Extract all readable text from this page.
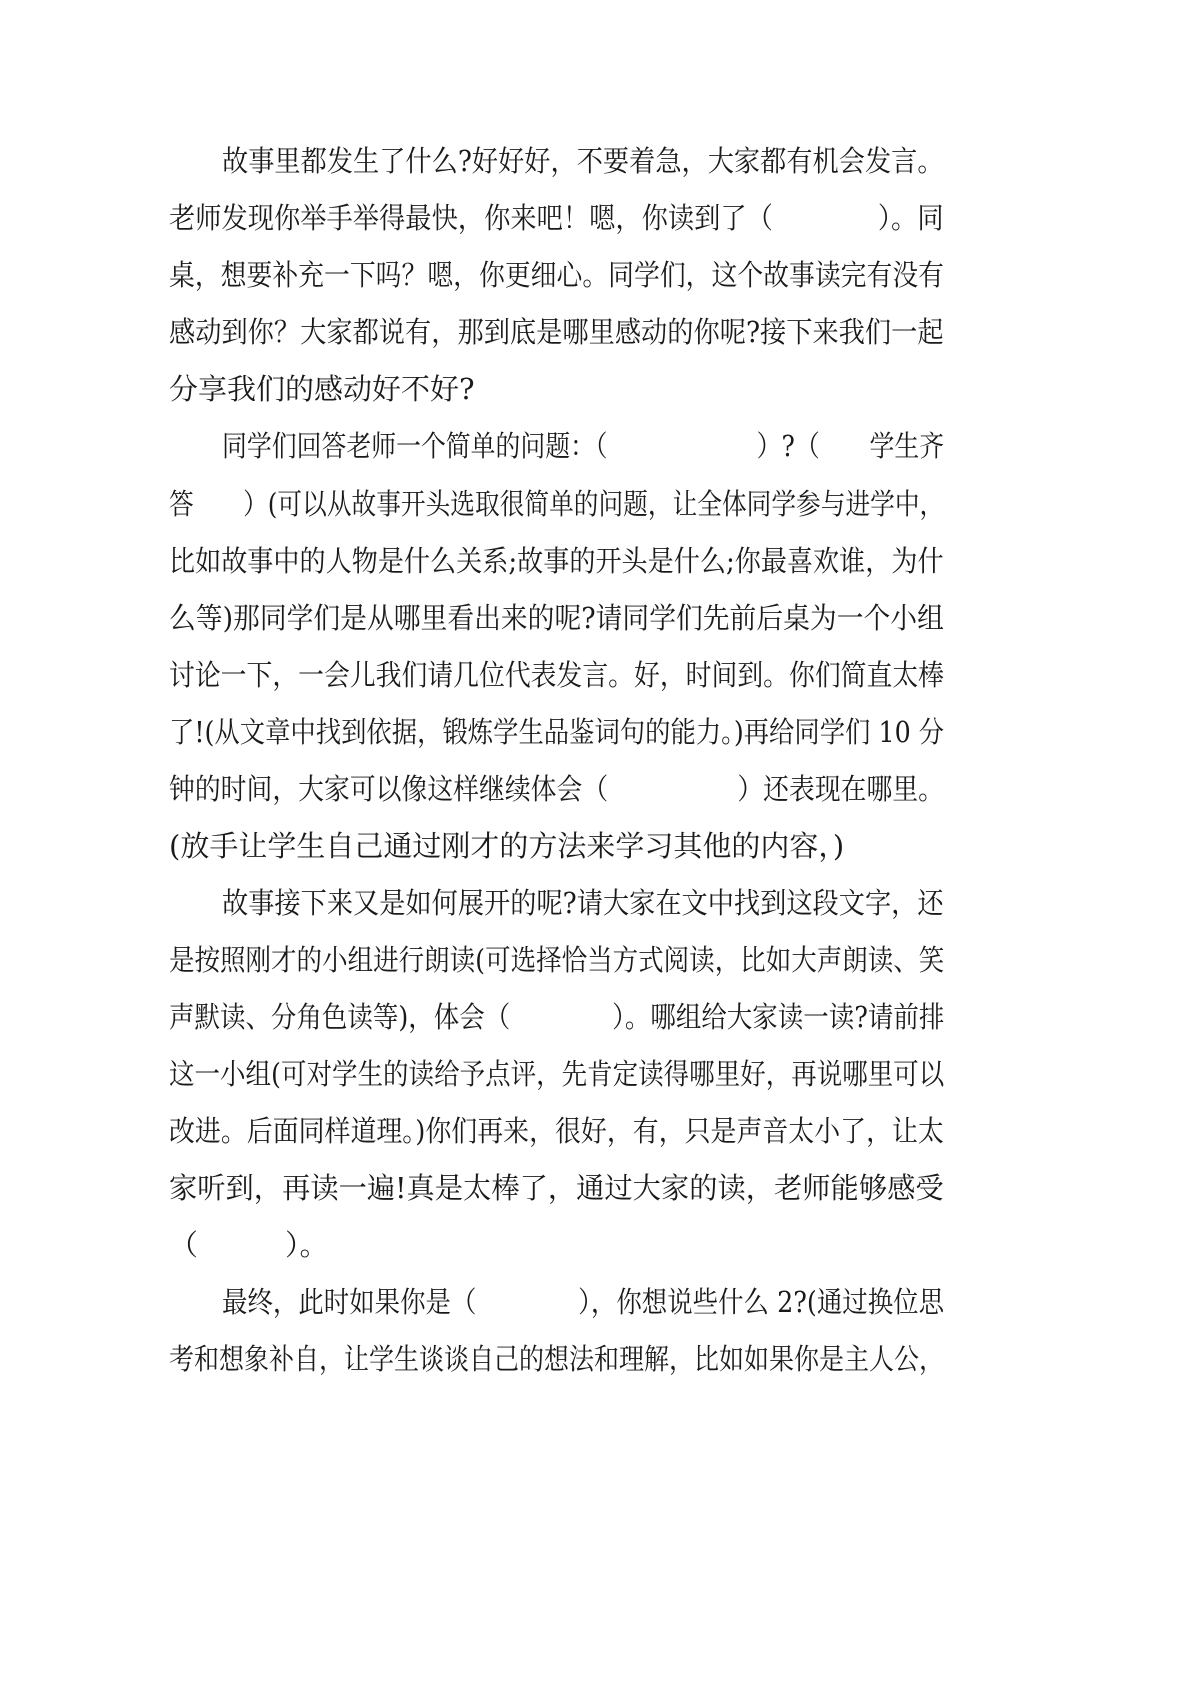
故事里都发生了什么?好好好，不要着急，大家都有机会发言。
老师发现你举手举得最快，你来吧！嗯，你读到了（　　　　）。同
桌，想要补充一下吗？嗯，你更细心。同学们，这个故事读完有没有
感动到你？大家都说有，那到底是哪里感动的你呢?接下来我们一起
分享我们的感动好不好?
同学们回答老师一个简单的问题：（　　　　　　）?（　　学生齐
答　　）(可以从故事开头选取很简单的问题，让全体同学参与进学中，
比如故事中的人物是什么关系;故事的开头是什么;你最喜欢谁，为什
么等)那同学们是从哪里看出来的呢?请同学们先前后桌为一个小组
讨论一下，一会儿我们请几位代表发言。好，时间到。你们简直太棒
了!(从文章中找到依据，锻炼学生品鉴词句的能力。)再给同学们 10 分
钟的时间，大家可以像这样继续体会（　　　　　）还表现在哪里。
(放手让学生自己通过刚才的方法来学习其他的内容，)
故事接下来又是如何展开的呢?请大家在文中找到这段文字，还
是按照刚才的小组进行朗读(可选择恰当方式阅读，比如大声朗读、笑
声默读、分角色读等)，体会（　　　　）。哪组给大家读一读?请前排
这一小组(可对学生的读给予点评，先肯定读得哪里好，再说哪里可以
改进。后面同样道理。)你们再来，很好，有，只是声音太小了，让太
家听到，再读一遍!真是太棒了，通过大家的读，老师能够感受
（　　　）。
最终，此时如果你是（　　　　），你想说些什么 2?(通过换位思
考和想象补自，让学生谈谈自己的想法和理解，比如如果你是主人公，
